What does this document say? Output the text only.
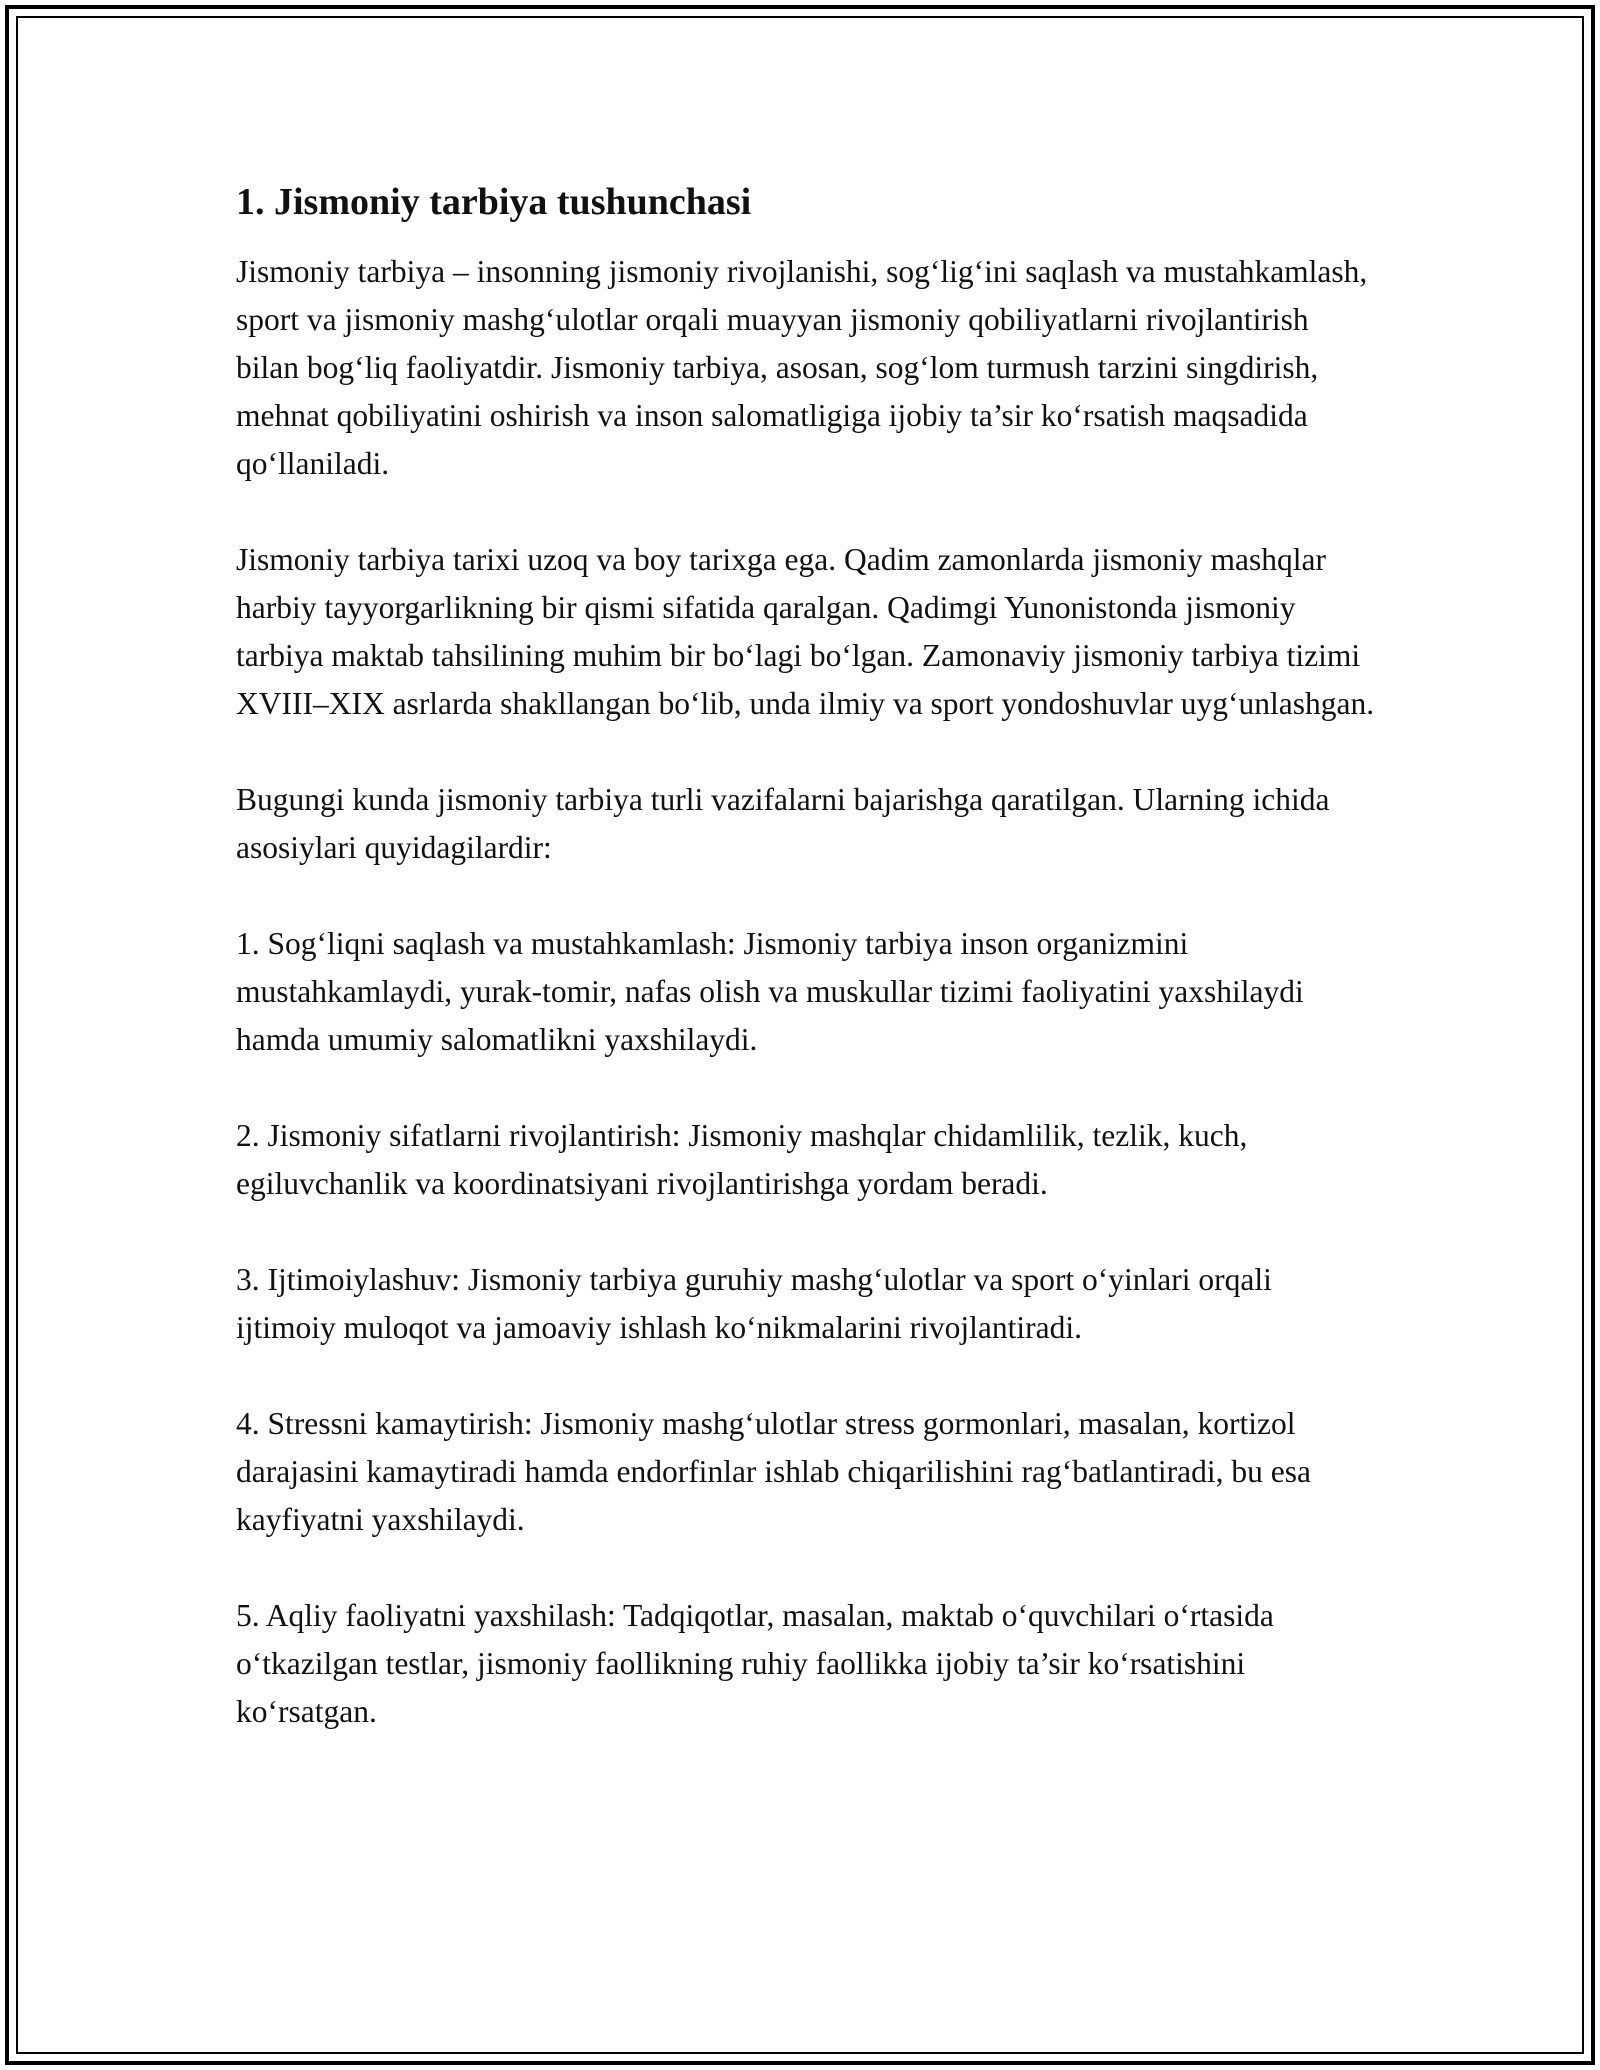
1. Jismoniy tarbiya tushunchasi

Jismoniy tarbiya – insonning jismoniy rivojlanishi, sog‘lig‘ini saqlash va mustahkamlash, sport va jismoniy mashg‘ulotlar orqali muayyan jismoniy qobiliyatlarni rivojlantirish bilan bog‘liq faoliyatdir. Jismoniy tarbiya, asosan, sog‘lom turmush tarzini singdirish, mehnat qobiliyatini oshirish va inson salomatligiga ijobiy ta’sir ko‘rsatish maqsadida qo‘llaniladi.

Jismoniy tarbiya tarixi uzoq va boy tarixga ega. Qadim zamonlarda jismoniy mashqlar harbiy tayyorgarlikning bir qismi sifatida qaralgan. Qadimgi Yunonistonda jismoniy tarbiya maktab tahsilining muhim bir bo‘lagi bo‘lgan. Zamonaviy jismoniy tarbiya tizimi XVIII–XIX asrlarda shakllangan bo‘lib, unda ilmiy va sport yondoshuvlar uyg‘unlashgan.

Bugungi kunda jismoniy tarbiya turli vazifalarni bajarishga qaratilgan. Ularning ichida asosiylari quyidagilardir:

1. Sog‘liqni saqlash va mustahkamlash: Jismoniy tarbiya inson organizmini mustahkamlaydi, yurak-tomir, nafas olish va muskullar tizimi faoliyatini yaxshilaydi hamda umumiy salomatlikni yaxshilaydi.

2. Jismoniy sifatlarni rivojlantirish: Jismoniy mashqlar chidamlilik, tezlik, kuch, egiluvchanlik va koordinatsiyani rivojlantirishga yordam beradi.

3. Ijtimoiylashuv: Jismoniy tarbiya guruhiy mashg‘ulotlar va sport o‘yinlari orqali ijtimoiy muloqot va jamoaviy ishlash ko‘nikmalarini rivojlantiradi.

4. Stressni kamaytirish: Jismoniy mashg‘ulotlar stress gormonlari, masalan, kortizol darajasini kamaytiradi hamda endorfinlar ishlab chiqarilishini rag‘batlantiradi, bu esa kayfiyatni yaxshilaydi.

5. Aqliy faoliyatni yaxshilash: Tadqiqotlar, masalan, maktab o‘quvchilari o‘rtasida o‘tkazilgan testlar, jismoniy faollikning ruhiy faollikka ijobiy ta’sir ko‘rsatishini ko‘rsatgan.
